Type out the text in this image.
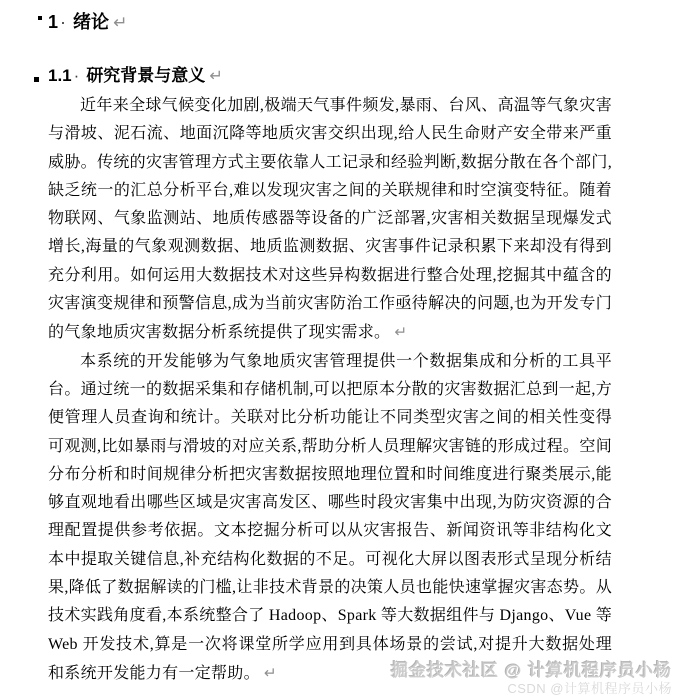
1 · 绪论 ↵
1.1 · 研究背景与意义 ↵

近年来全球气候变化加剧,极端天气事件频发,暴雨、台风、高温等气象灾害与滑坡、泥石流、地面沉降等地质灾害交织出现,给人民生命财产安全带来严重威胁。传统的灾害管理方式主要依靠人工记录和经验判断,数据分散在各个部门,缺乏统一的汇总分析平台,难以发现灾害之间的关联规律和时空演变特征。随着物联网、气象监测站、地质传感器等设备的广泛部署,灾害相关数据呈现爆发式增长,海量的气象观测数据、地质监测数据、灾害事件记录积累下来却没有得到充分利用。如何运用大数据技术对这些异构数据进行整合处理,挖掘其中蕴含的灾害演变规律和预警信息,成为当前灾害防治工作亟待解决的问题,也为开发专门的气象地质灾害数据分析系统提供了现实需求。 ↵

本系统的开发能够为气象地质灾害管理提供一个数据集成和分析的工具平台。通过统一的数据采集和存储机制,可以把原本分散的灾害数据汇总到一起,方便管理人员查询和统计。关联对比分析功能让不同类型灾害之间的相关性变得可观测,比如暴雨与滑坡的对应关系,帮助分析人员理解灾害链的形成过程。空间分布分析和时间规律分析把灾害数据按照地理位置和时间维度进行聚类展示,能够直观地看出哪些区域是灾害高发区、哪些时段灾害集中出现,为防灾资源的合理配置提供参考依据。文本挖掘分析可以从灾害报告、新闻资讯等非结构化文本中提取关键信息,补充结构化数据的不足。可视化大屏以图表形式呈现分析结果,降低了数据解读的门槛,让非技术背景的决策人员也能快速掌握灾害态势。从技术实践角度看,本系统整合了 Hadoop、Spark 等大数据组件与 Django、Vue 等 Web 开发技术,算是一次将课堂所学应用到具体场景的尝试,对提升大数据处理和系统开发能力有一定帮助。 ↵	掘金技术社区 @ 计算机程序员小杨
CSDN @计算机程序员小杨
